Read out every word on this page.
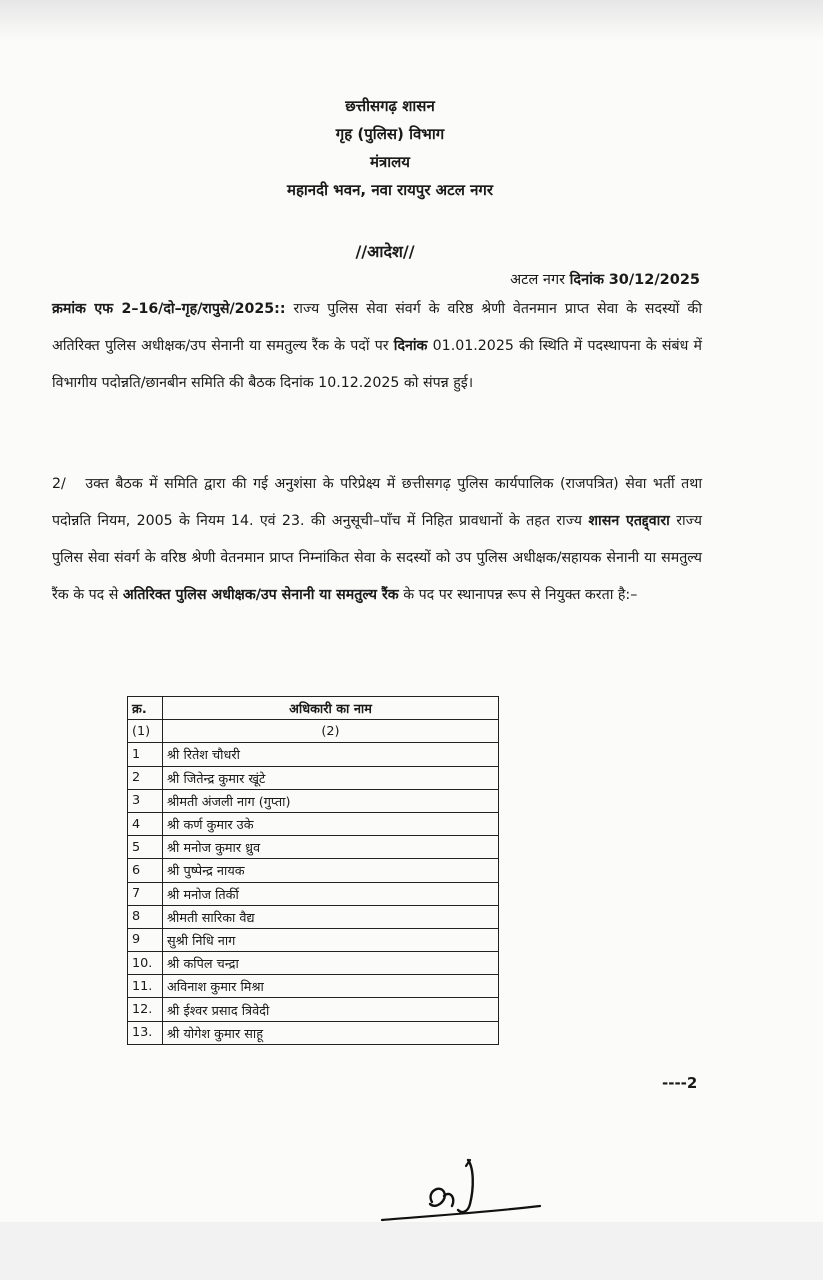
छत्तीसगढ़ शासन
गृह (पुलिस) विभाग
मंत्रालय
महानदी भवन, नवा रायपुर अटल नगर
//आदेश//
अटल नगर दिनांक 30/12/2025
क्रमांक एफ 2–16/दो–गृह/रापुसे/2025:: राज्य पुलिस सेवा संवर्ग के वरिष्ठ श्रेणी वेतनमान प्राप्त सेवा के सदस्यों की अतिरिक्त पुलिस अधीक्षक/उप सेनानी या समतुल्य रैंक के पदों पर दिनांक 01.01.2025 की स्थिति में पदस्थापना के संबंध में विभागीय पदोन्नति/छानबीन समिति की बैठक दिनांक 10.12.2025 को संपन्न हुई।
2/ उक्त बैठक में समिति द्वारा की गई अनुशंसा के परिप्रेक्ष्य में छत्तीसगढ़ पुलिस कार्यपालिक (राजपत्रित) सेवा भर्ती तथा पदोन्नति नियम, 2005 के नियम 14. एवं 23. की अनुसूची–पाँच में निहित प्रावधानों के तहत राज्य शासन एतद्द्वारा राज्य पुलिस सेवा संवर्ग के वरिष्ठ श्रेणी वेतनमान प्राप्त निम्नांकित सेवा के सदस्यों को उप पुलिस अधीक्षक/सहायक सेनानी या समतुल्य रैंक के पद से अतिरिक्त पुलिस अधीक्षक/उप सेनानी या समतुल्य रैंक के पद पर स्थानापन्न रूप से नियुक्त करता है:–
क्र.	अधिकारी का नाम
(1)	(2)
1	श्री रितेश चौधरी
2	श्री जितेन्द्र कुमार खूंटे
3	श्रीमती अंजली नाग (गुप्ता)
4	श्री कर्ण कुमार उके
5	श्री मनोज कुमार ध्रुव
6	श्री पुष्पेन्द्र नायक
7	श्री मनोज तिर्की
8	श्रीमती सारिका वैद्य
9	सुश्री निधि नाग
10.	श्री कपिल चन्द्रा
11.	अविनाश कुमार मिश्रा
12.	श्री ईश्वर प्रसाद त्रिवेदी
13.	श्री योगेश कुमार साहू
----2
